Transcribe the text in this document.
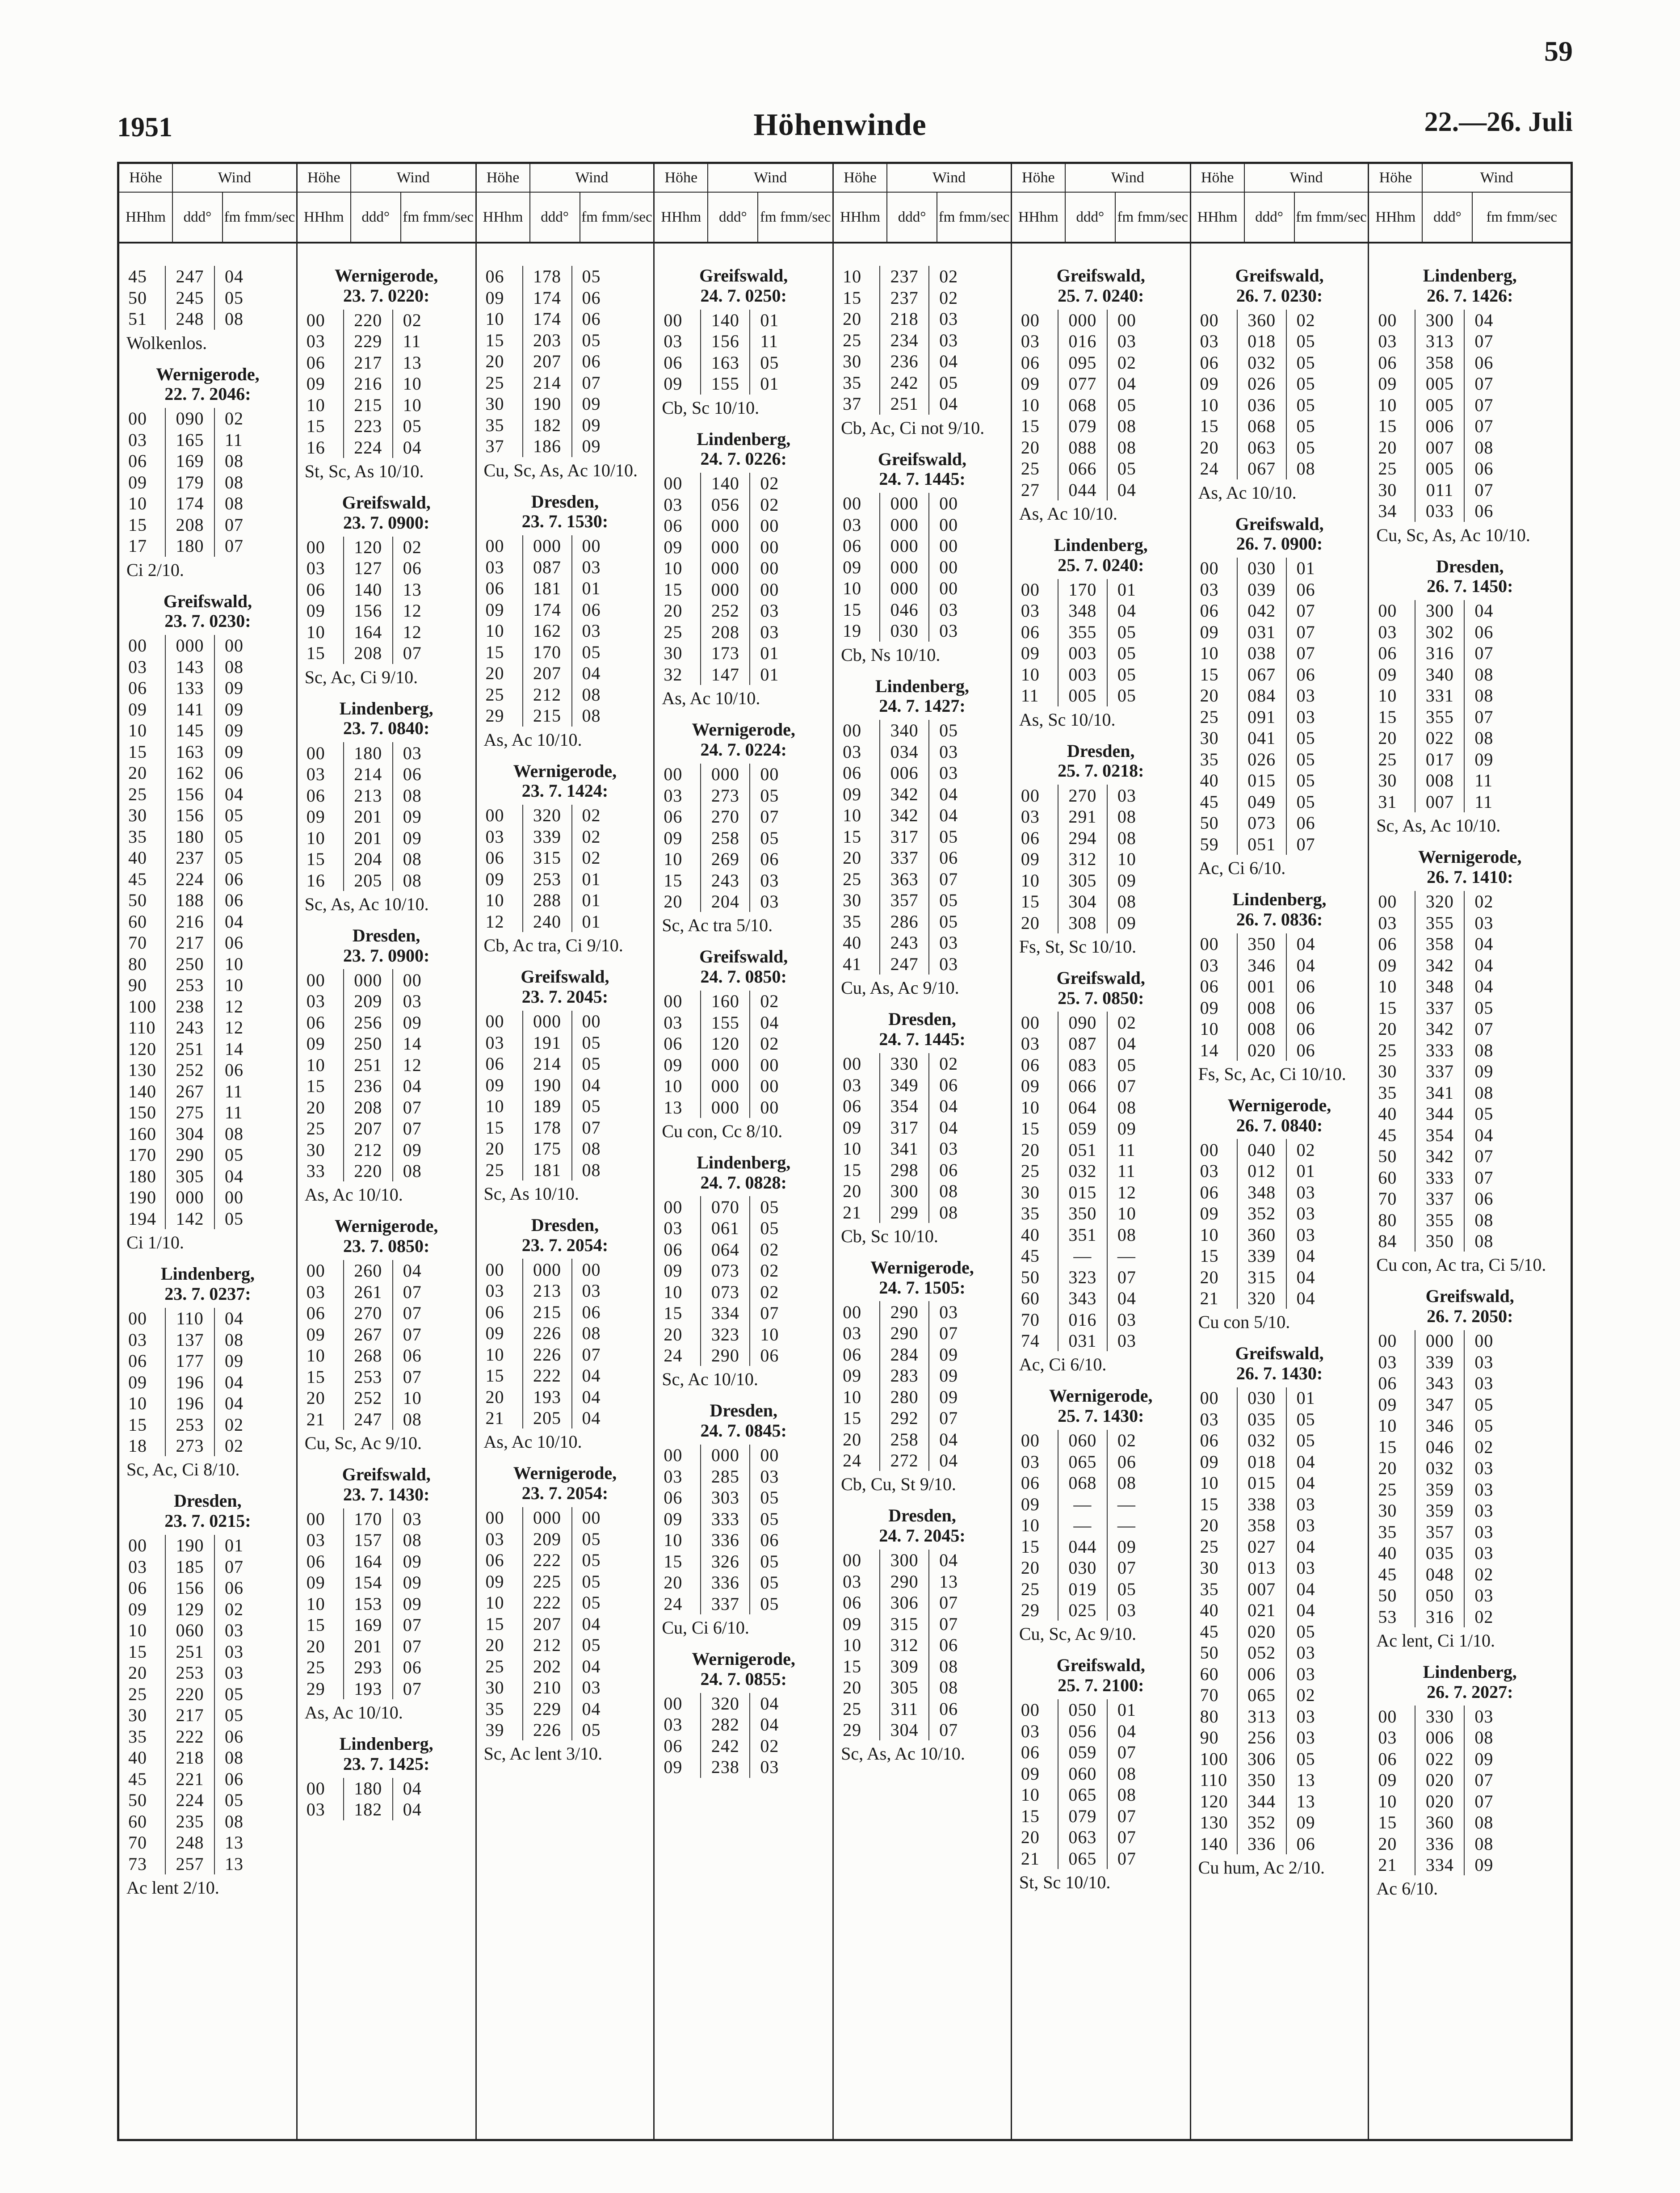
59
1951	Höhenwinde	22.—26. Juli
Höhe	Wind
HH hm ddd ° fm fm m/sec
45	247	04
50	245	05
51	248	08
Wolkenlos.
Wernigerode,
22. 7. 2046:
00	090	02
03	165	11
06	169	08
09	179	08
10	174	08
15	208	07
17	180	07
Ci 2/10.
Greifswald,
23. 7. 0230:
00	000	00
03	143	08
06	133	09
09	141	09
10	145	09
15	163	09
20	162	06
25	156	04
30	156	05
35	180	05
40	237	05
45	224	06
50	188	06
60	216	04
70	217	06
80	250	10
90	253	10
100	238	12
110	243	12
120	251	14
130	252	06
140	267	11
150	275	11
160	304	08
170	290	05
180	305	04
190	000	00
194	142	05
Ci 1/10.
Lindenberg,
23. 7. 0237:
00	110	04
03	137	08
06	177	09
09	196	04
10	196	04
15	253	02
18	273	02
Sc, Ac, Ci 8/10.
Dresden,
23. 7. 0215:
00	190	01
03	185	07
06	156	06
09	129	02
10	060	03
15	251	03
20	253	03
25	220	05
30	217	05
35	222	06
40	218	08
45	221	06
50	224	05
60	235	08
70	248	13
73	257	13
Ac lent 2/10.
Höhe	Wind
HH hm ddd ° fm fm m/sec
Wernigerode,
23. 7. 0220:
00	220	02
03	229	11
06	217	13
09	216	10
10	215	10
15	223	05
16	224	04
St, Sc, As 10/10.
Greifswald,
23. 7. 0900:
00	120	02
03	127	06
06	140	13
09	156	12
10	164	12
15	208	07
Sc, Ac, Ci 9/10.
Lindenberg,
23. 7. 0840:
00	180	03
03	214	06
06	213	08
09	201	09
10	201	09
15	204	08
16	205	08
Sc, As, Ac 10/10.
Dresden,
23. 7. 0900:
00	000	00
03	209	03
06	256	09
09	250	14
10	251	12
15	236	04
20	208	07
25	207	07
30	212	09
33	220	08
As, Ac 10/10.
Wernigerode,
23. 7. 0850:
00	260	04
03	261	07
06	270	07
09	267	07
10	268	06
15	253	07
20	252	10
21	247	08
Cu, Sc, Ac 9/10.
Greifswald,
23. 7. 1430:
00	170	03
03	157	08
06	164	09
09	154	09
10	153	09
15	169	07
20	201	07
25	293	06
29	193	07
As, Ac 10/10.
Lindenberg,
23. 7. 1425:
00	180	04
03	182	04
Höhe	Wind
HH hm ddd ° fm fm m/sec
06	178	05
09	174	06
10	174	06
15	203	05
20	207	06
25	214	07
30	190	09
35	182	09
37	186	09
Cu, Sc, As, Ac 10/10.
Dresden,
23. 7. 1530:
00	000	00
03	087	03
06	181	01
09	174	06
10	162	03
15	170	05
20	207	04
25	212	08
29	215	08
As, Ac 10/10.
Wernigerode,
23. 7. 1424:
00	320	02
03	339	02
06	315	02
09	253	01
10	288	01
12	240	01
Cb, Ac tra, Ci 9/10.
Greifswald,
23. 7. 2045:
00	000	00
03	191	05
06	214	05
09	190	04
10	189	05
15	178	07
20	175	08
25	181	08
Sc, As 10/10.
Dresden,
23. 7. 2054:
00	000	00
03	213	03
06	215	06
09	226	08
10	226	07
15	222	04
20	193	04
21	205	04
As, Ac 10/10.
Wernigerode,
23. 7. 2054:
00	000	00
03	209	05
06	222	05
09	225	05
10	222	05
15	207	04
20	212	05
25	202	04
30	210	03
35	229	04
39	226	05
Sc, Ac lent 3/10.
Höhe	Wind
HH hm ddd ° fm fm m/sec
Greifswald,
24. 7. 0250:
00	140	01
03	156	11
06	163	05
09	155	01
Cb, Sc 10/10.
Lindenberg,
24. 7. 0226:
00	140	02
03	056	02
06	000	00
09	000	00
10	000	00
15	000	00
20	252	03
25	208	03
30	173	01
32	147	01
As, Ac 10/10.
Wernigerode,
24. 7. 0224:
00	000	00
03	273	05
06	270	07
09	258	05
10	269	06
15	243	03
20	204	03
Sc, Ac tra 5/10.
Greifswald,
24. 7. 0850:
00	160	02
03	155	04
06	120	02
09	000	00
10	000	00
13	000	00
Cu con, Cc 8/10.
Lindenberg,
24. 7. 0828:
00	070	05
03	061	05
06	064	02
09	073	02
10	073	02
15	334	07
20	323	10
24	290	06
Sc, Ac 10/10.
Dresden,
24. 7. 0845:
00	000	00
03	285	03
06	303	05
09	333	05
10	336	06
15	326	05
20	336	05
24	337	05
Cu, Ci 6/10.
Wernigerode,
24. 7. 0855:
00	320	04
03	282	04
06	242	02
09	238	03
Höhe	Wind
HH hm ddd ° fm fm m/sec
10	237	02
15	237	02
20	218	03
25	234	03
30	236	04
35	242	05
37	251	04
Cb, Ac, Ci not 9/10.
Greifswald,
24. 7. 1445:
00	000	00
03	000	00
06	000	00
09	000	00
10	000	00
15	046	03
19	030	03
Cb, Ns 10/10.
Lindenberg,
24. 7. 1427:
00	340	05
03	034	03
06	006	03
09	342	04
10	342	04
15	317	05
20	337	06
25	363	07
30	357	05
35	286	05
40	243	03
41	247	03
Cu, As, Ac 9/10.
Dresden,
24. 7. 1445:
00	330	02
03	349	06
06	354	04
09	317	04
10	341	03
15	298	06
20	300	08
21	299	08
Cb, Sc 10/10.
Wernigerode,
24. 7. 1505:
00	290	03
03	290	07
06	284	09
09	283	09
10	280	09
15	292	07
20	258	04
24	272	04
Cb, Cu, St 9/10.
Dresden,
24. 7. 2045:
00	300	04
03	290	13
06	306	07
09	315	07
10	312	06
15	309	08
20	305	08
25	311	06
29	304	07
Sc, As, Ac 10/10.
Höhe	Wind
HH hm ddd ° fm fm m/sec
Greifswald,
25. 7. 0240:
00	000	00
03	016	03
06	095	02
09	077	04
10	068	05
15	079	08
20	088	08
25	066	05
27	044	04
As, Ac 10/10.
Lindenberg,
25. 7. 0240:
00	170	01
03	348	04
06	355	05
09	003	05
10	003	05
11	005	05
As, Sc 10/10.
Dresden,
25. 7. 0218:
00	270	03
03	291	08
06	294	08
09	312	10
10	305	09
15	304	08
20	308	09
Fs, St, Sc 10/10.
Greifswald,
25. 7. 0850:
00	090	02
03	087	04
06	083	05
09	066	07
10	064	08
15	059	09
20	051	11
25	032	11
30	015	12
35	350	10
40	351	08
45	—	—
50	323	07
60	343	04
70	016	03
74	031	03
Ac, Ci 6/10.
Wernigerode,
25. 7. 1430:
00	060	02
03	065	06
06	068	08
09	—	—
10	—	—
15	044	09
20	030	07
25	019	05
29	025	03
Cu, Sc, Ac 9/10.
Greifswald,
25. 7. 2100:
00	050	01
03	056	04
06	059	07
09	060	08
10	065	08
15	079	07
20	063	07
21	065	07
St, Sc 10/10.
Höhe	Wind
HH hm ddd ° fm fm m/sec
Greifswald,
26. 7. 0230:
00	360	02
03	018	05
06	032	05
09	026	05
10	036	05
15	068	05
20	063	05
24	067	08
As, Ac 10/10.
Greifswald,
26. 7. 0900:
00	030	01
03	039	06
06	042	07
09	031	07
10	038	07
15	067	06
20	084	03
25	091	03
30	041	05
35	026	05
40	015	05
45	049	05
50	073	06
59	051	07
Ac, Ci 6/10.
Lindenberg,
26. 7. 0836:
00	350	04
03	346	04
06	001	06
09	008	06
10	008	06
14	020	06
Fs, Sc, Ac, Ci 10/10.
Wernigerode,
26. 7. 0840:
00	040	02
03	012	01
06	348	03
09	352	03
10	360	03
15	339	04
20	315	04
21	320	04
Cu con 5/10.
Greifswald,
26. 7. 1430:
00	030	01
03	035	05
06	032	05
09	018	04
10	015	04
15	338	03
20	358	03
25	027	04
30	013	03
35	007	04
40	021	04
45	020	05
50	052	03
60	006	03
70	065	02
80	313	03
90	256	03
100	306	05
110	350	13
120	344	13
130	352	09
140	336	06
Cu hum, Ac 2/10.
Höhe	Wind
HH hm ddd ° fm fm m/sec
Lindenberg,
26. 7. 1426:
00	300	04
03	313	07
06	358	06
09	005	07
10	005	07
15	006	07
20	007	08
25	005	06
30	011	07
34	033	06
Cu, Sc, As, Ac 10/10.
Dresden,
26. 7. 1450:
00	300	04
03	302	06
06	316	07
09	340	08
10	331	08
15	355	07
20	022	08
25	017	09
30	008	11
31	007	11
Sc, As, Ac 10/10.
Wernigerode,
26. 7. 1410:
00	320	02
03	355	03
06	358	04
09	342	04
10	348	04
15	337	05
20	342	07
25	333	08
30	337	09
35	341	08
40	344	05
45	354	04
50	342	07
60	333	07
70	337	06
80	355	08
84	350	08
Cu con, Ac tra, Ci 5/10.
Greifswald,
26. 7. 2050:
00	000	00
03	339	03
06	343	03
09	347	05
10	346	05
15	046	02
20	032	03
25	359	03
30	359	03
35	357	03
40	035	03
45	048	02
50	050	03
53	316	02
Ac lent, Ci 1/10.
Lindenberg,
26. 7. 2027:
00	330	03
03	006	08
06	022	09
09	020	07
10	020	07
15	360	08
20	336	08
21	334	09
Ac 6/10.
